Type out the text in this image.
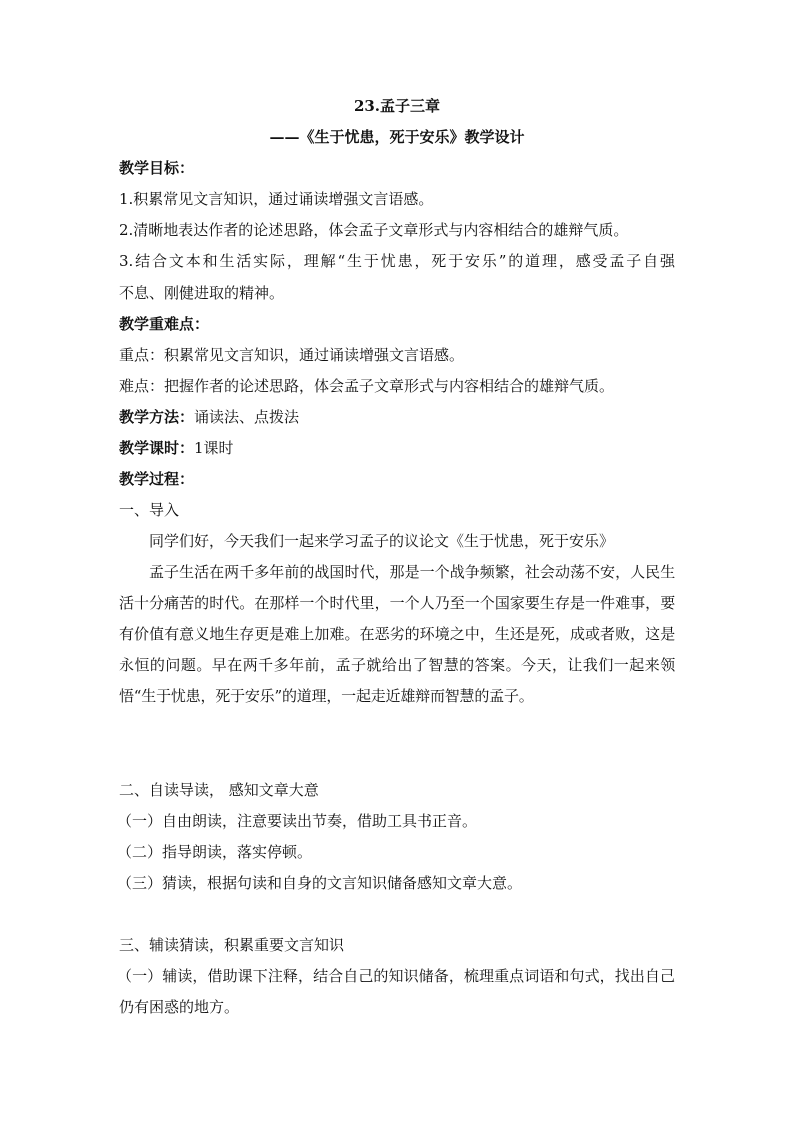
23.孟子三章
——《生于忧患，死于安乐》教学设计
教学目标：
1.积累常见文言知识，通过诵读增强文言语感。
2.清晰地表达作者的论述思路，体会孟子文章形式与内容相结合的雄辩气质。
3.结合文本和生活实际，理解“生于忧患，死于安乐”的道理，感受孟子自强
不息、刚健进取的精神。
教学重难点：
重点：积累常见文言知识，通过诵读增强文言语感。
难点：把握作者的论述思路，体会孟子文章形式与内容相结合的雄辩气质。
教学方法：诵读法、点拨法
教学课时：1课时
教学过程：
一、导入
同学们好，今天我们一起来学习孟子的议论文《生于忧患，死于安乐》
孟子生活在两千多年前的战国时代，那是一个战争频繁，社会动荡不安，人民生活十分痛苦的时代。在那样一个时代里，一个人乃至一个国家要生存是一件难事，要有价值有意义地生存更是难上加难。在恶劣的环境之中，生还是死，成或者败，这是永恒的问题。早在两千多年前，孟子就给出了智慧的答案。今天，让我们一起来领悟“生于忧患，死于安乐”的道理，一起走近雄辩而智慧的孟子。
二、自读导读， 感知文章大意
（一）自由朗读，注意要读出节奏，借助工具书正音。
（二）指导朗读，落实停顿。
（三）猜读，根据句读和自身的文言知识储备感知文章大意。
三、辅读猜读，积累重要文言知识
（一）辅读，借助课下注释，结合自己的知识储备，梳理重点词语和句式，找出自己仍有困惑的地方。
